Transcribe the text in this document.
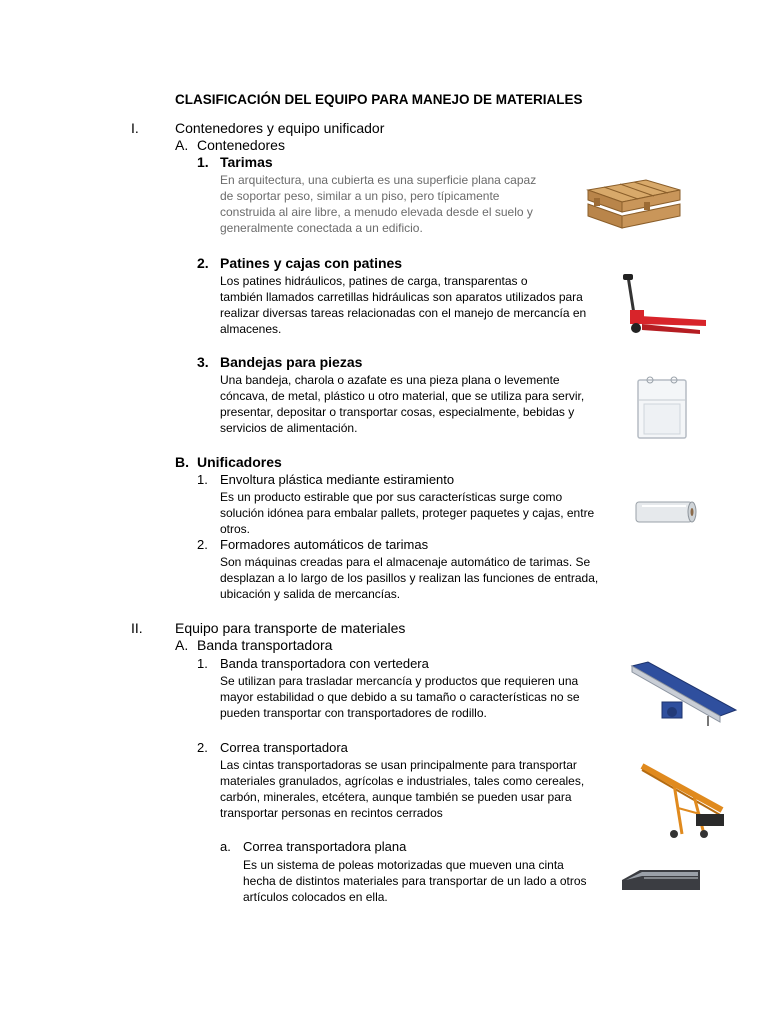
CLASIFICACIÓN DEL EQUIPO PARA MANEJO DE MATERIALES
I.	Contenedores y equipo unificador
A. Contenedores
1. Tarimas
En arquitectura, una cubierta es una superficie plana capaz
de soportar peso, similar a un piso, pero típicamente
construida al aire libre, a menudo elevada desde el suelo y
generalmente conectada a un edificio.
2. Patines y cajas con patines
Los patines hidráulicos, patines de carga, transparentas o
también llamados carretillas hidráulicas son aparatos utilizados para
realizar diversas tareas relacionadas con el manejo de mercancía en
almacenes.
3. Bandejas para piezas
Una bandeja, charola o azafate es una pieza plana o levemente
cóncava, de metal, plástico u otro material, que se utiliza para servir,
presentar, depositar o transportar cosas, especialmente, bebidas y
servicios de alimentación.
B. Unificadores
1. Envoltura plástica mediante estiramiento
Es un producto estirable que por sus características surge como
solución idónea para embalar pallets, proteger paquetes y cajas, entre
otros.
2. Formadores automáticos de tarimas
Son máquinas creadas para el almacenaje automático de tarimas. Se
desplazan a lo largo de los pasillos y realizan las funciones de entrada,
ubicación y salida de mercancías.
II. Equipo para transporte de materiales
A. Banda transportadora
1. Banda transportadora con vertedera
Se utilizan para trasladar mercancía y productos que requieren una
mayor estabilidad o que debido a su tamaño o características no se
pueden transportar con transportadores de rodillo.
2. Correa transportadora
Las cintas transportadoras se usan principalmente para transportar
materiales granulados, agrícolas e industriales, tales como cereales,
carbón, minerales, etcétera, aunque también se pueden usar para
transportar personas en recintos cerrados
a. Correa transportadora plana
Es un sistema de poleas motorizadas que mueven una cinta
hecha de distintos materiales para transportar de un lado a otros
artículos colocados en ella.
